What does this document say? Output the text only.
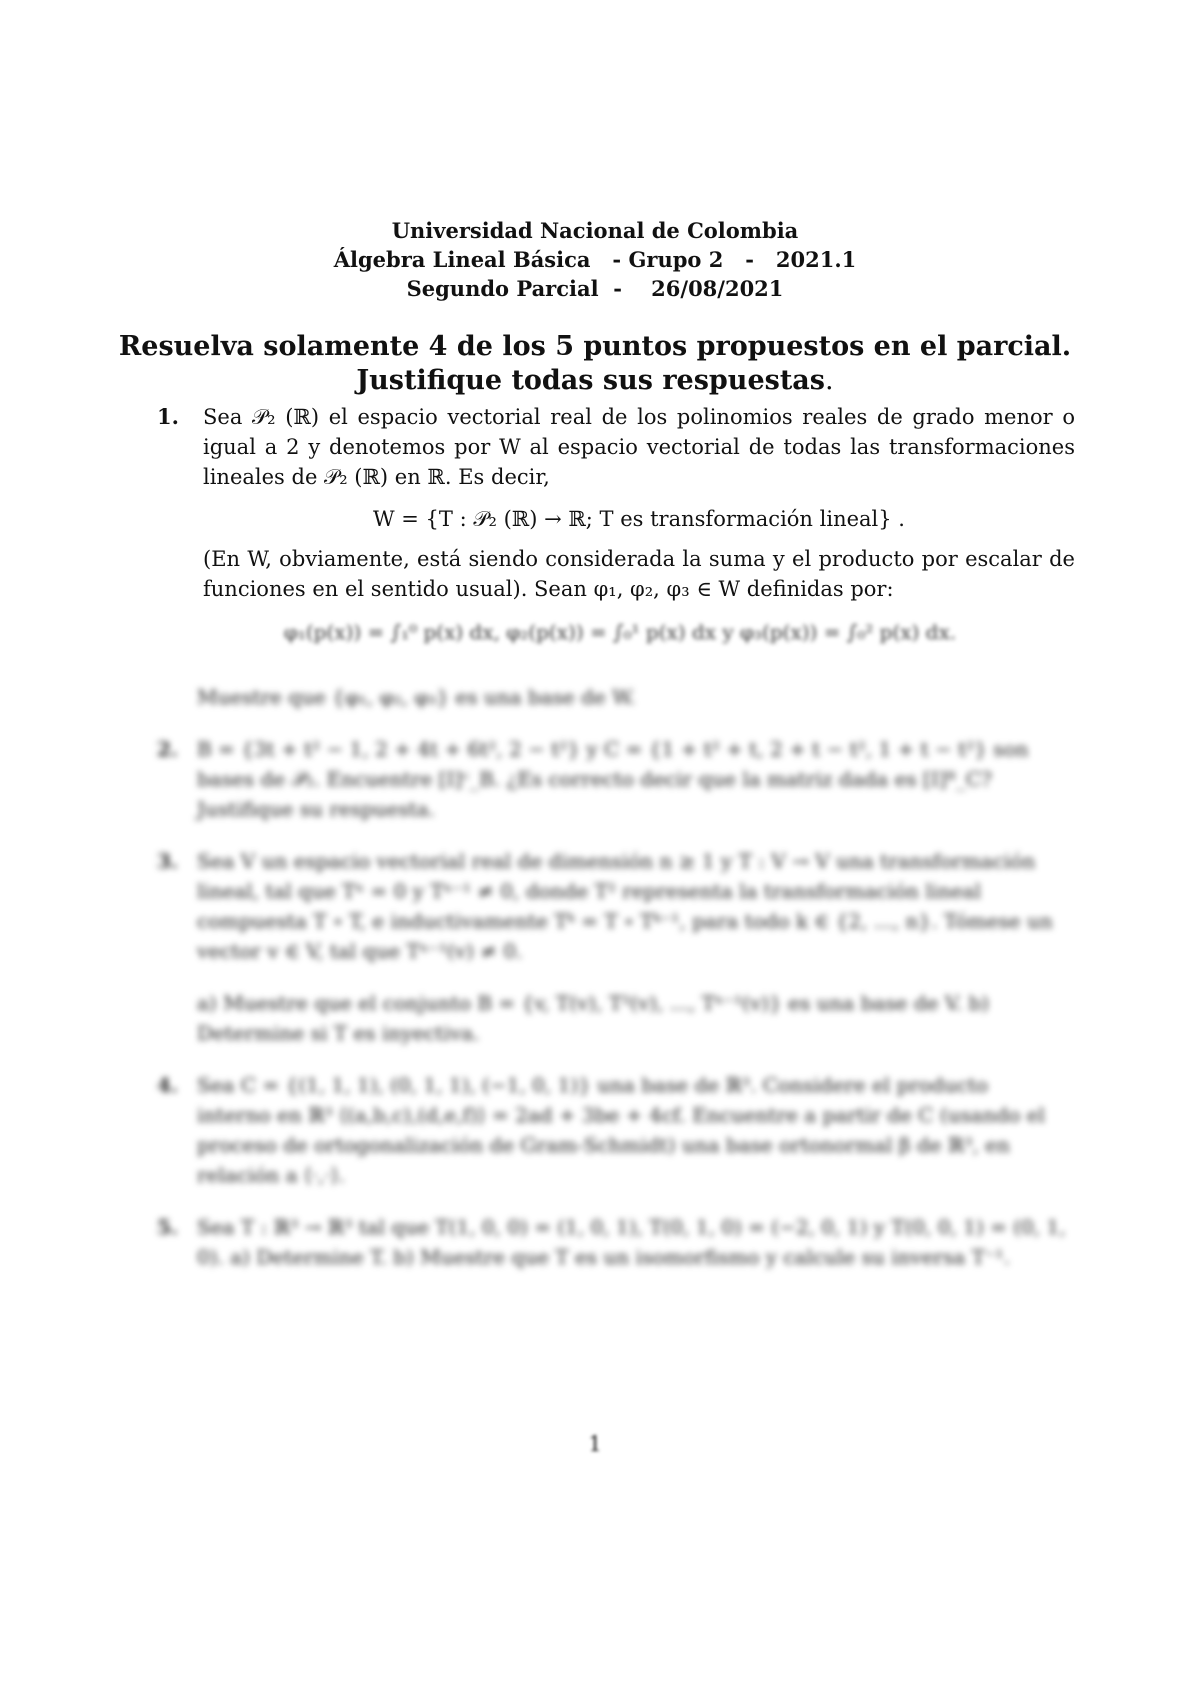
Universidad Nacional de Colombia
Álgebra Lineal Básica   - Grupo 2   -   2021.1
Segundo Parcial  -    26/08/2021
Resuelva solamente 4 de los 5 puntos propuestos en el parcial.
Justifique todas sus respuestas.
1. Sea 𝒫₂ (ℝ) el espacio vectorial real de los polinomios reales de grado menor o igual a 2 y denotemos por W al espacio vectorial de todas las transformaciones lineales de 𝒫₂ (ℝ) en ℝ. Es decir,
W = {T : 𝒫₂ (ℝ) → ℝ; T es transformación lineal} .
(En W, obviamente, está siendo considerada la suma y el producto por escalar de funciones en el sentido usual). Sean φ₁, φ₂, φ₃ ∈ W definidas por:
φ₁(p(x)) = ∫₁⁰ p(x) dx, φ₂(p(x)) = ∫₀¹ p(x) dx y φ₃(p(x)) = ∫₀² p(x) dx.
Muestre que {φ₁, φ₂, φ₃} es una base de W.
2. B = {3t + t² − 1, 2 + 4t + 6t², 2 − t²} y C = {1 + t² + t, 2 + t − t², 1 + t − t²} son bases de 𝒫₂. Encuentre [I]ᶜ_B. ¿Es correcto decir que la matriz dada es [I]ᴮ_C? Justifique su respuesta.
3. Sea V un espacio vectorial real de dimensión n ≥ 1 y T : V → V una transformación lineal, tal que Tⁿ = 0 y Tⁿ⁻¹ ≠ 0, donde T² representa la transformación lineal compuesta T ∘ T, e inductivamente Tᵏ = T ∘ Tᵏ⁻¹, para todo k ∈ {2, ..., n}. Tómese un vector v ∈ V, tal que Tⁿ⁻¹(v) ≠ 0.
a) Muestre que el conjunto B = {v, T(v), T²(v), ..., Tⁿ⁻¹(v)} es una base de V. b) Determine si T es inyectiva.
4. Sea C = {(1, 1, 1), (0, 1, 1), (−1, 0, 1)} una base de ℝ³. Considere el producto interno en ℝ³ ⟨(a,b,c),(d,e,f)⟩ = 2ad + 3be + 4cf. Encuentre a partir de C (usando el proceso de ortogonalización de Gram-Schmidt) una base ortonormal β de ℝ³, en relación a ⟨·,·⟩.
5. Sea T : ℝ³ → ℝ³ tal que T(1, 0, 0) = (1, 0, 1), T(0, 1, 0) = (−2, 0, 1) y T(0, 0, 1) = (0, 1, 0). a) Determine T. b) Muestre que T es un isomorfismo y calcule su inversa T⁻¹.
1
